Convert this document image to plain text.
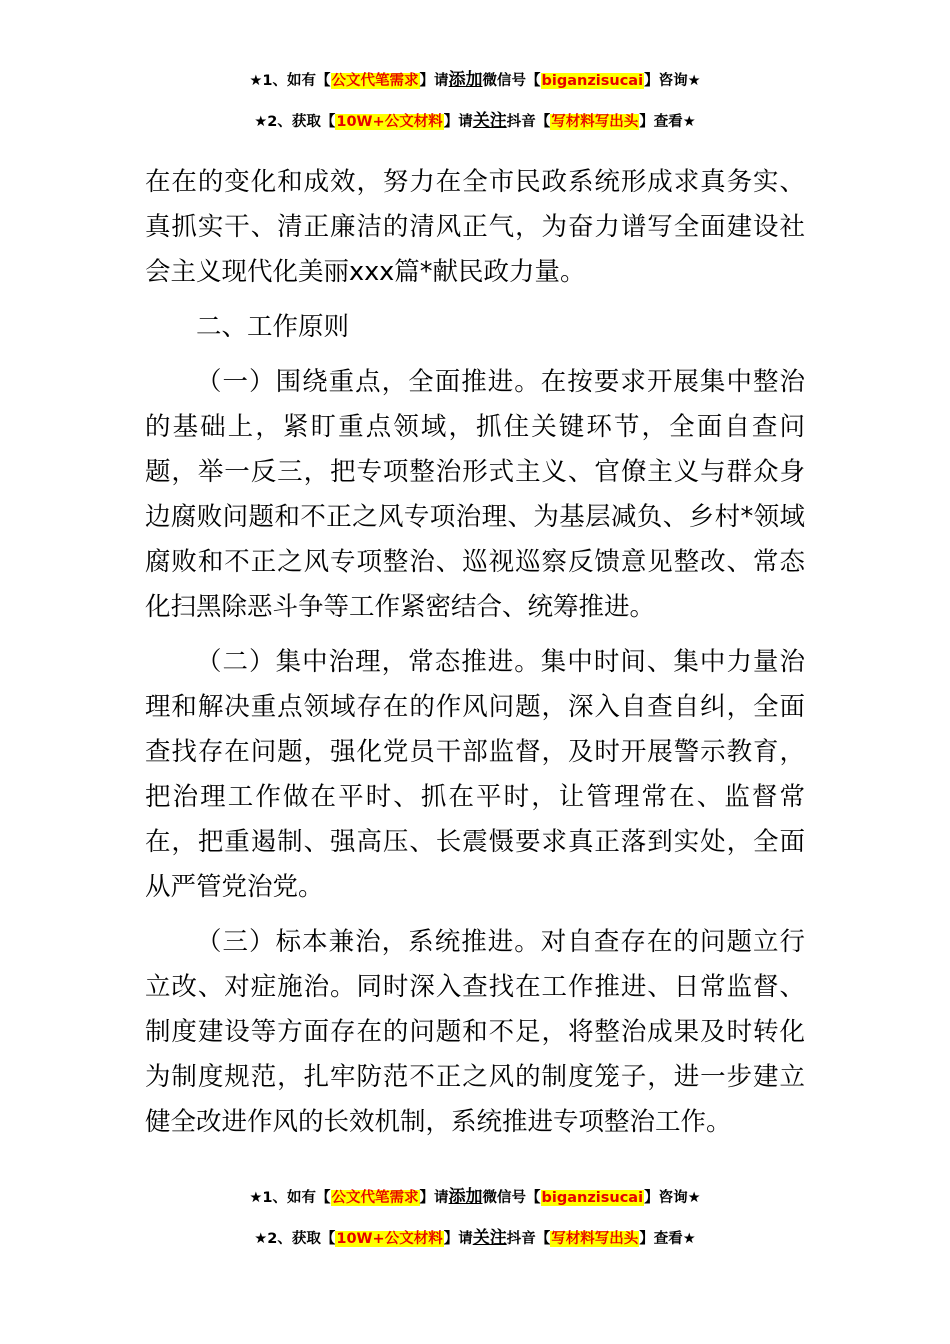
★1、如有【公文代笔需求】请添加微信号【biganzisucai】咨询★
★2、获取【10W+公文材料】请关注抖音【写材料写出头】查看★

在在的变化和成效，努力在全市民政系统形成求真务实、真抓实干、清正廉洁的清风正气，为奋力谱写全面建设社会主义现代化美丽xxx篇*献民政力量。

二、工作原则

（一）围绕重点，全面推进。在按要求开展集中整治的基础上，紧盯重点领域，抓住关键环节，全面自查问题，举一反三，把专项整治形式主义、官僚主义与群众身边腐败问题和不正之风专项治理、为基层减负、乡村*领域腐败和不正之风专项整治、巡视巡察反馈意见整改、常态化扫黑除恶斗争等工作紧密结合、统筹推进。

（二）集中治理，常态推进。集中时间、集中力量治理和解决重点领域存在的作风问题，深入自查自纠，全面查找存在问题，强化党员干部监督，及时开展警示教育，把治理工作做在平时、抓在平时，让管理常在、监督常在，把重遏制、强高压、长震慑要求真正落到实处，全面从严管党治党。

（三）标本兼治，系统推进。对自查存在的问题立行立改、对症施治。同时深入查找在工作推进、日常监督、制度建设等方面存在的问题和不足，将整治成果及时转化为制度规范，扎牢防范不正之风的制度笼子，进一步建立健全改进作风的长效机制，系统推进专项整治工作。

★1、如有【公文代笔需求】请添加微信号【biganzisucai】咨询★
★2、获取【10W+公文材料】请关注抖音【写材料写出头】查看★
